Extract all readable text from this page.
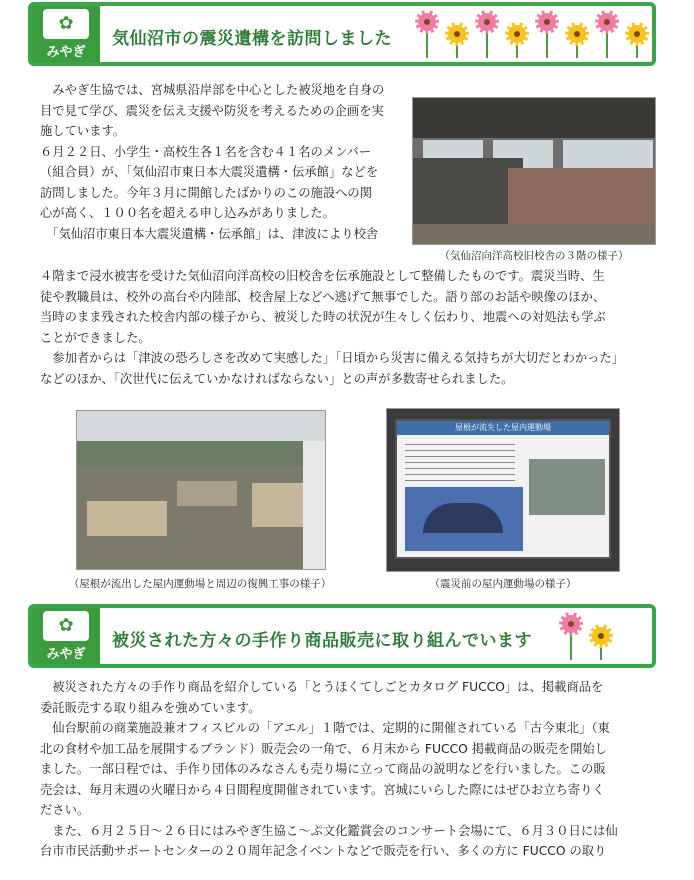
✿
みやぎ
気仙沼市の震災遺構を訪問しました
　みやぎ生協では、宮城県沿岸部を中心とした被災地を自身の
目で見て学び、震災を伝え支援や防災を考えるための企画を実
施しています。
６月２２日、小学生・高校生各１名を含む４１名のメンバー
（組合員）が、「気仙沼市東日本大震災遺構・伝承館」などを
訪問しました。今年３月に開館したばかりのこの施設への関
心が高く、１００名を超える申し込みがありました。
　「気仙沼市東日本大震災遺構・伝承館」は、津波により校舎
（気仙沼向洋高校旧校舎の３階の様子）
４階まで浸水被害を受けた気仙沼向洋高校の旧校舎を伝承施設として整備したものです。震災当時、生
徒や教職員は、校外の高台や内陸部、校舎屋上などへ逃げて無事でした。語り部のお話や映像のほか、
当時のまま残された校舎内部の様子から、被災した時の状況が生々しく伝わり、地震への対処法も学ぶ
ことができました。
　参加者からは「津波の恐ろしさを改めて実感した」「日頃から災害に備える気持ちが大切だとわかった」
などのほか、「次世代に伝えていかなければならない」との声が多数寄せられました。
（屋根が流出した屋内運動場と周辺の復興工事の様子）
屋根が流失した屋内運動場
（震災前の屋内運動場の様子）
✿
みやぎ
被災された方々の手作り商品販売に取り組んでいます
　被災された方々の手作り商品を紹介している「とうほくてしごとカタログ FUCCO」は、掲載商品を
委託販売する取り組みを強めています。
　仙台駅前の商業施設兼オフィスビルの「アエル」１階では、定期的に開催されている「古今東北」（東
北の食材や加工品を展開するブランド）販売会の一角で、６月末から FUCCO 掲載商品の販売を開始し
ました。一部日程では、手作り団体のみなさんも売り場に立って商品の説明などを行いました。この販
売会は、毎月末週の火曜日から４日間程度開催されています。宮城にいらした際にはぜひお立ち寄りく
ださい。
　また、６月２５日～２６日にはみやぎ生協こ～ぷ文化鑑賞会のコンサート会場にて、６月３０日には仙
台市市民活動サポートセンターの２０周年記念イベントなどで販売を行い、多くの方に FUCCO の取り
